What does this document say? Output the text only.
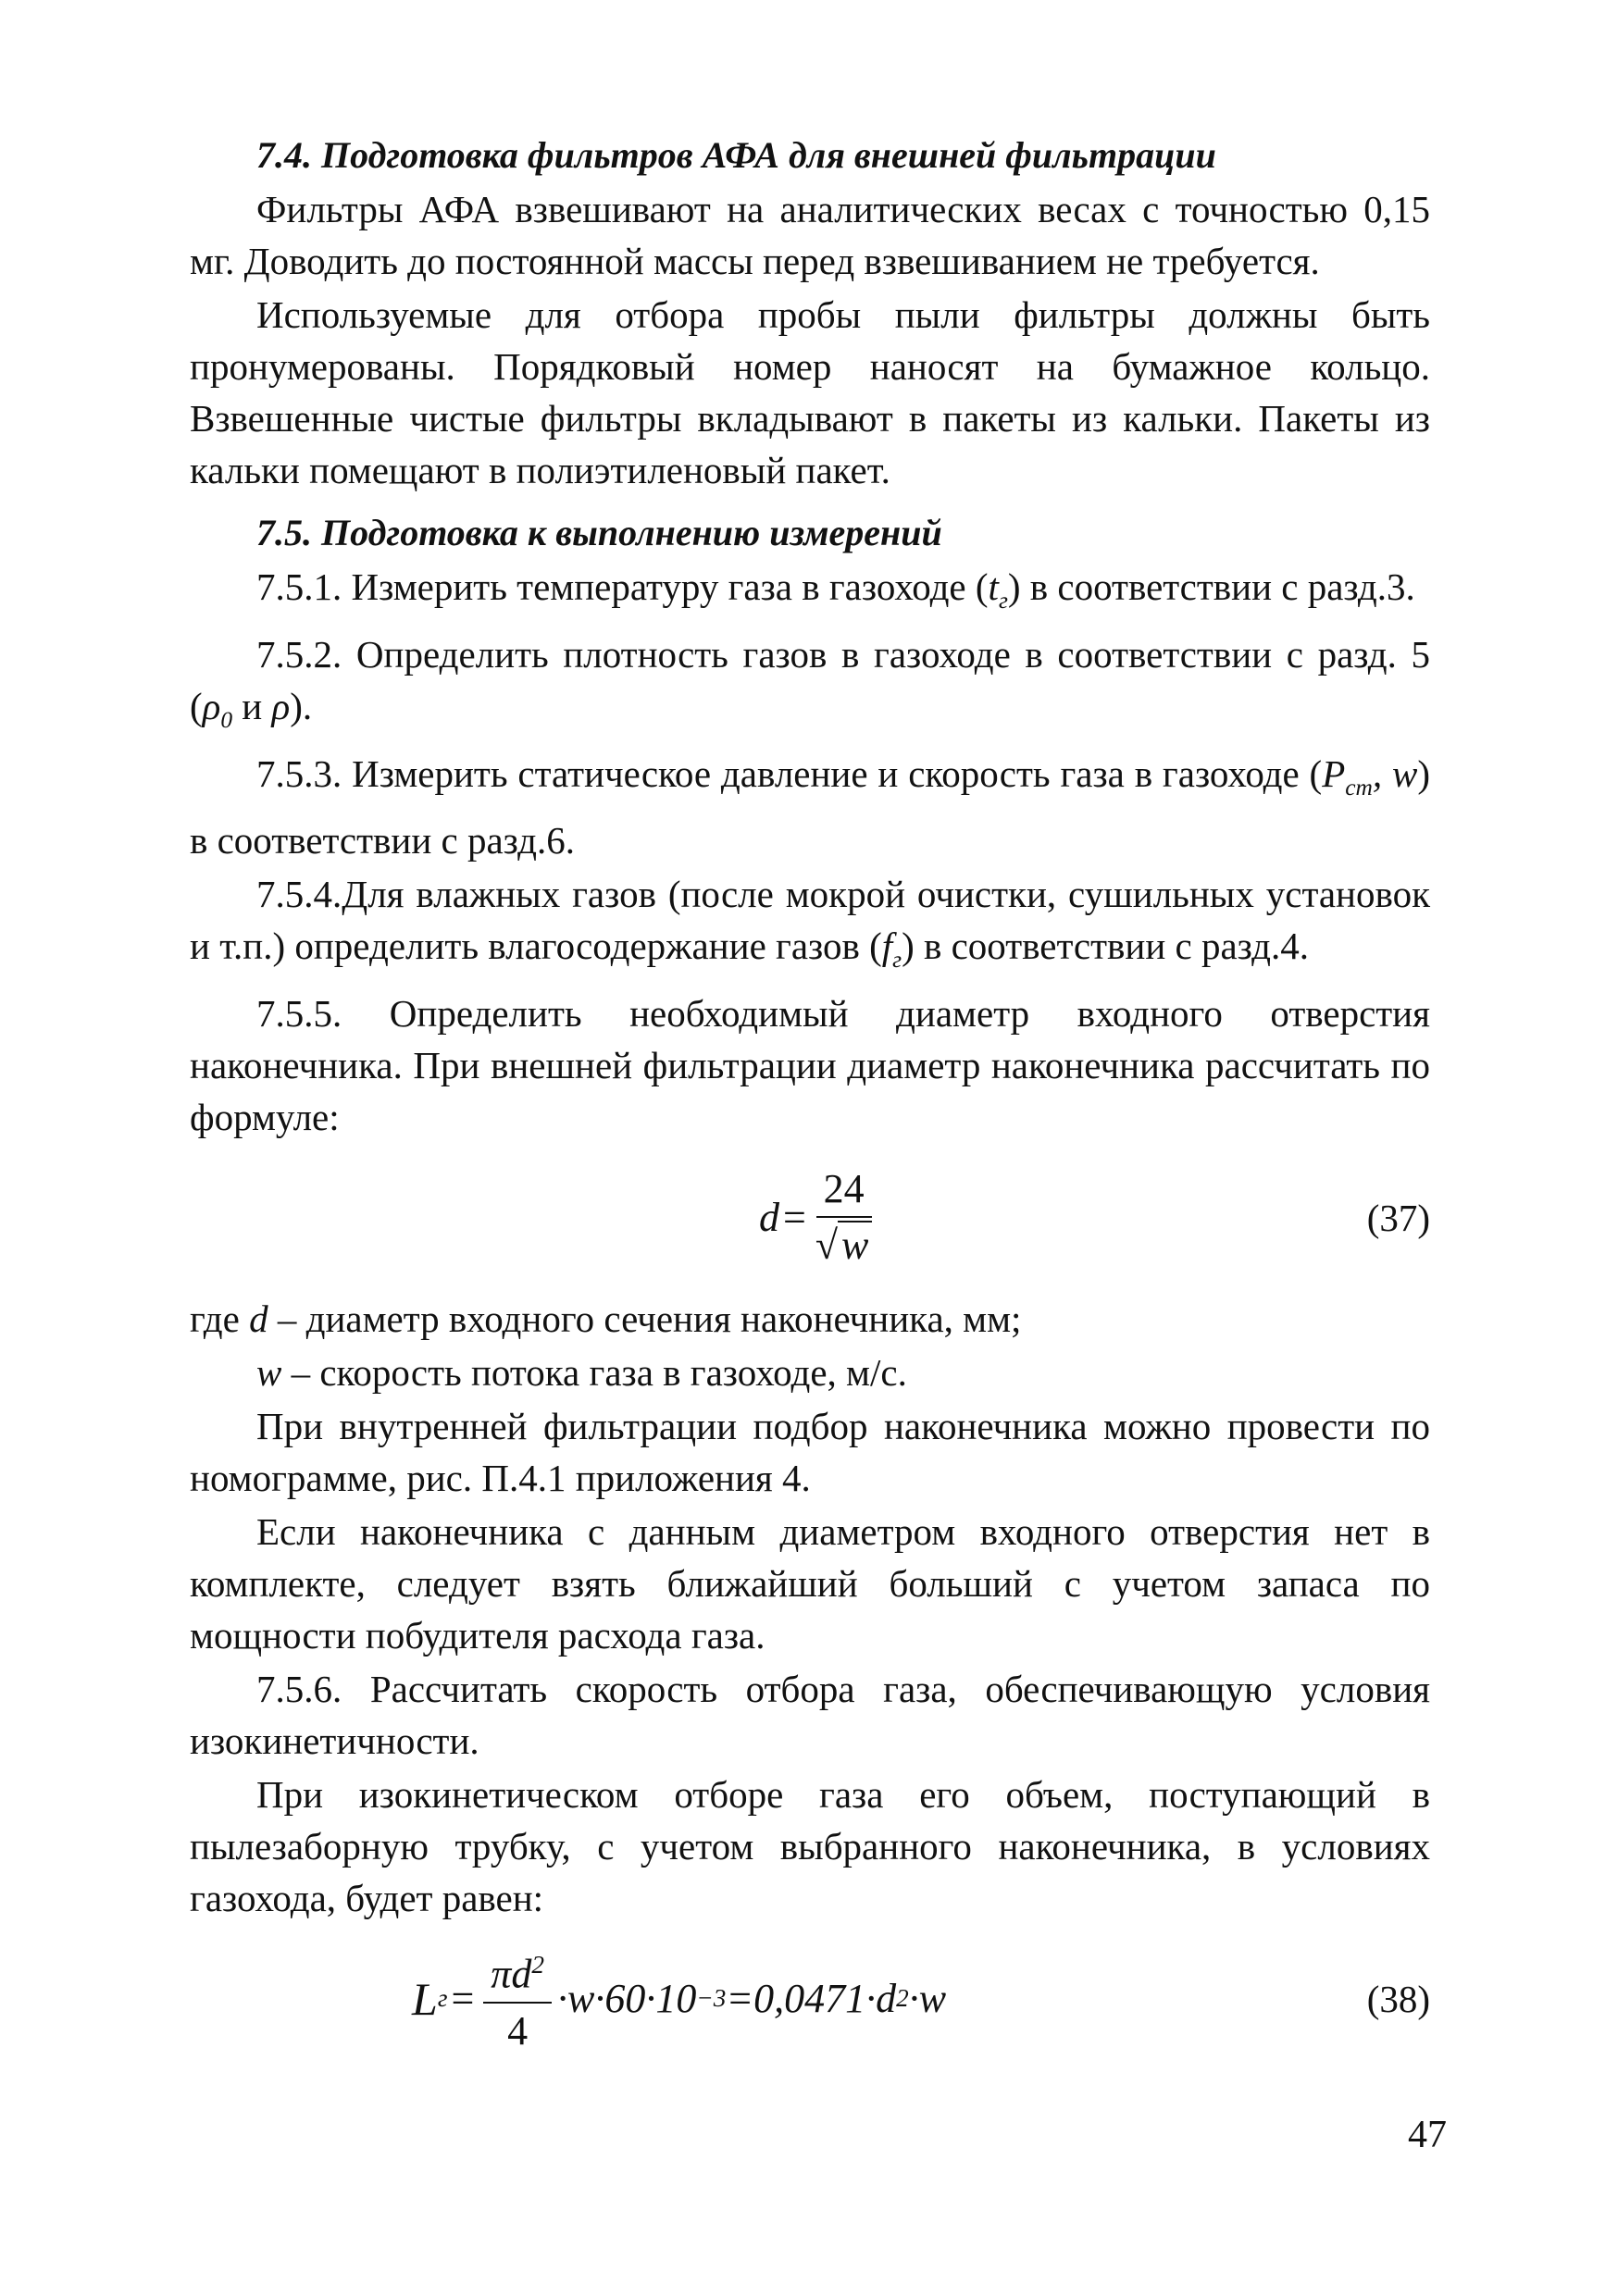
7.4. Подготовка фильтров АФА для внешней фильтрации

Фильтры АФА взвешивают на аналитических весах с точностью 0,15 мг. Доводить до постоянной массы перед взвешиванием не требуется.

Используемые для отбора пробы пыли фильтры должны быть пронумерованы. Порядковый номер наносят на бумажное кольцо. Взвешенные чистые фильтры вкладывают в пакеты из кальки. Пакеты из кальки помещают в полиэтиленовый пакет.

7.5. Подготовка к выполнению измерений

7.5.1. Измерить температуру газа в газоходе $(t_г)$ в соответствии с разд.3.

7.5.2. Определить плотность газов в газоходе в соответствии с разд. 5 ($\rho_0$ и ρ).

7.5.3. Измерить статическое давление и скорость газа в газоходе ($P_{ст}$, w) в соответствии с разд.6.

7.5.4.Для влажных газов (после мокрой очистки, сушильных установок и т.п.) определить влагосодержание газов $(f_г)$ в соответствии с разд.4.

7.5.5. Определить необходимый диаметр входного отверстия наконечника. При внешней фильтрации диаметр наконечника рассчитать по формуле:

$d = \frac{24}{√w}$	(37)

где d – диаметр входного сечения наконечника, мм;

w – скорость потока газа в газоходе, м/с.

При внутренней фильтрации подбор наконечника можно провести по номограмме, рис. П.4.1 приложения 4.

Если наконечника с данным диаметром входного отверстия нет в комплекте, следует взять ближайший больший с учетом запаса по мощности побудителя расхода газа.

7.5.6. Рассчитать скорость отбора газа, обеспечивающую условия изокинетичности.

При изокинетическом отборе газа его объем, поступающий в пылезаборную трубку, с учетом выбранного наконечника, в условиях газохода, будет равен:

L $г = \frac{\pi d^2}{4} \cdot w\cdot 60\cdot 10 -3 =0,0471\cdot d$ 2 ·w	(38)
47
